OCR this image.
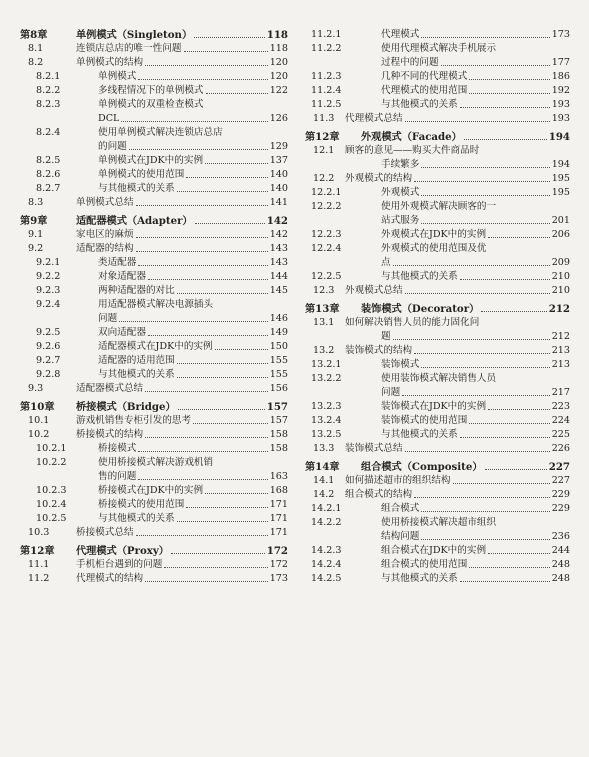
第8章	单例模式（Singleton）	118
8.1	连锁店总店的唯一性问题	118
8.2	单例模式的结构	120
8.2.1	单例模式	120
8.2.2	多线程情况下的单例模式	122
8.2.3	单例模式的双重检查模式
DCL	126
8.2.4	使用单例模式解决连锁店总店
的问题	129
8.2.5	单例模式在JDK中的实例	137
8.2.6	单例模式的使用范围	140
8.2.7	与其他模式的关系	140
8.3	单例模式总结	141
第9章	适配器模式（Adapter）	142
9.1	家电区的麻烦	142
9.2	适配器的结构	143
9.2.1	类适配器	143
9.2.2	对象适配器	144
9.2.3	两种适配器的对比	145
9.2.4	用适配器模式解决电源插头
问题	146
9.2.5	双向适配器	149
9.2.6	适配器模式在JDK中的实例	150
9.2.7	适配器的适用范围	155
9.2.8	与其他模式的关系	155
9.3	适配器模式总结	156
第10章	桥接模式（Bridge）	157
10.1	游戏机销售专柜引发的思考	157
10.2	桥接模式的结构	158
10.2.1	桥接模式	158
10.2.2	使用桥接模式解决游戏机销
售的问题	163
10.2.3	桥接模式在JDK中的实例	168
10.2.4	桥接模式的使用范围	171
10.2.5	与其他模式的关系	171
10.3	桥接模式总结	171
第12章	代理模式（Proxy）	172
11.1	手机柜台遇到的问题	172
11.2	代理模式的结构	173
11.2.1	代理模式	173
11.2.2	使用代理模式解决手机展示
过程中的问题	177
11.2.3	几种不同的代理模式	186
11.2.4	代理模式的使用范围	192
11.2.5	与其他模式的关系	193
11.3	代理模式总结	193
第12章	外观模式（Facade）	194
12.1	顾客的意见——购买大件商品时
手续繁多	194
12.2	外观模式的结构	195
12.2.1	外观模式	195
12.2.2	使用外观模式解决顾客的一
站式服务	201
12.2.3	外观模式在JDK中的实例	206
12.2.4	外观模式的使用范围及优
点	209
12.2.5	与其他模式的关系	210
12.3	外观模式总结	210
第13章	装饰模式（Decorator）	212
13.1	如何解决销售人员的能力固化问
题	212
13.2	装饰模式的结构	213
13.2.1	装饰模式	213
13.2.2	使用装饰模式解决销售人员
问题	217
13.2.3	装饰模式在JDK中的实例	223
13.2.4	装饰模式的使用范围	224
13.2.5	与其他模式的关系	225
13.3	装饰模式总结	226
第14章	组合模式（Composite）	227
14.1	如何描述超市的组织结构	227
14.2	组合模式的结构	229
14.2.1	组合模式	229
14.2.2	使用桥接模式解决超市组织
结构问题	236
14.2.3	组合模式在JDK中的实例	244
14.2.4	组合模式的使用范围	248
14.2.5	与其他模式的关系	248
